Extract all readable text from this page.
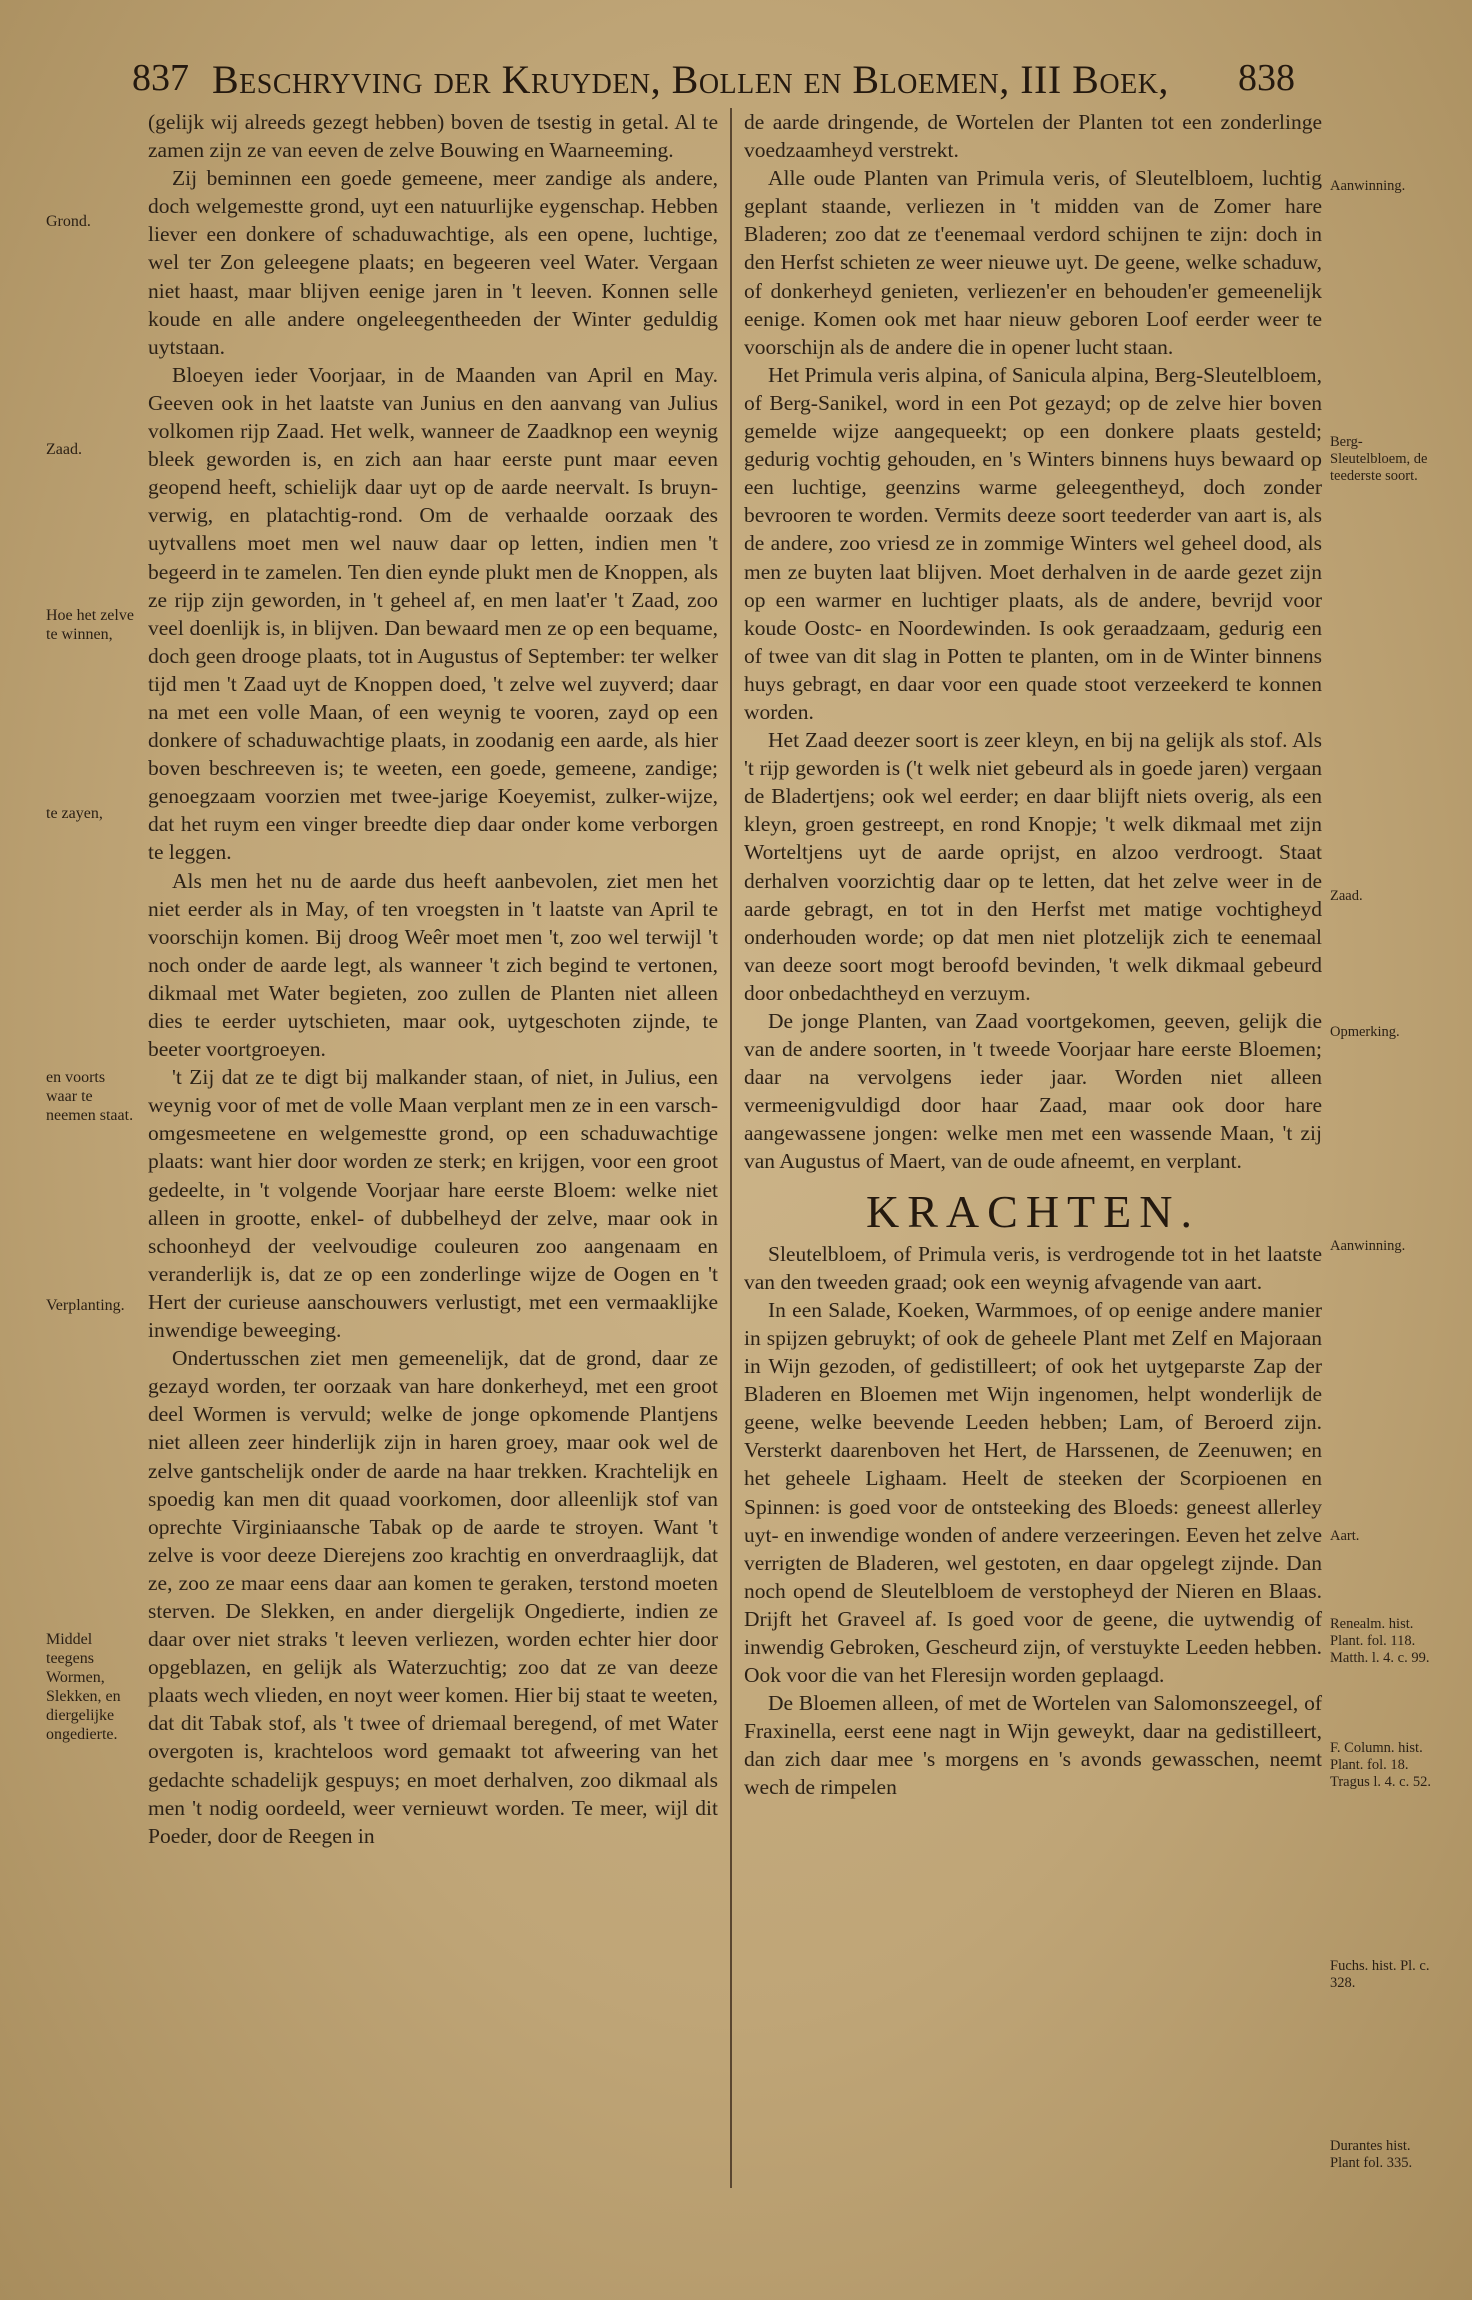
837 Beschryving der Kruyden, Bollen en Bloemen, III Boek, 838
Grond.
Zaad.
Hoe het zelve te winnen,
te zayen,
en voorts waar te neemen staat.
Verplanting.
Middel teegens Wormen, Slekken, en diergelijke ongedierte.
Aanwinning.
Berg-Sleutelbloem, de teederste soort.
Zaad.
Opmerking.
Aanwinning.
Aart.
Renealm. hist. Plant. fol. 118. Matth. l. 4. c. 99.
F. Column. hist. Plant. fol. 18. Tragus l. 4. c. 52.
Fuchs. hist. Pl. c. 328.
Durantes hist. Plant fol. 335.

(gelijk wij alreeds gezegt hebben) boven de tsestig in getal. Al te zamen zijn ze van eeven de zelve Bouwing en Waarneeming.

Zij beminnen een goede gemeene, meer zandige als andere, doch welgemestte grond, uyt een natuurlijke eygenschap. Hebben liever een donkere of schaduwachtige, als een opene, luchtige, wel ter Zon geleegene plaats; en begeeren veel Water. Vergaan niet haast, maar blijven eenige jaren in 't leeven. Konnen selle koude en alle andere ongeleegentheeden der Winter geduldig uytstaan.

Bloeyen ieder Voorjaar, in de Maanden van April en May. Geeven ook in het laatste van Junius en den aanvang van Julius volkomen rijp Zaad. Het welk, wanneer de Zaadknop een weynig bleek geworden is, en zich aan haar eerste punt maar eeven geopend heeft, schielijk daar uyt op de aarde neervalt. Is bruyn-verwig, en platachtig-rond. Om de verhaalde oorzaak des uytvallens moet men wel nauw daar op letten, indien men 't begeerd in te zamelen. Ten dien eynde plukt men de Knoppen, als ze rijp zijn geworden, in 't geheel af, en men laat'er 't Zaad, zoo veel doenlijk is, in blijven. Dan bewaard men ze op een bequame, doch geen drooge plaats, tot in Augustus of September: ter welker tijd men 't Zaad uyt de Knoppen doed, 't zelve wel zuyverd; daar na met een volle Maan, of een weynig te vooren, zayd op een donkere of schaduwachtige plaats, in zoodanig een aarde, als hier boven beschreeven is; te weeten, een goede, gemeene, zandige; genoegzaam voorzien met twee-jarige Koeyemist, zulker-wijze, dat het ruym een vinger breedte diep daar onder kome verborgen te leggen.

Als men het nu de aarde dus heeft aanbevolen, ziet men het niet eerder als in May, of ten vroegsten in 't laatste van April te voorschijn komen. Bij droog Weêr moet men 't, zoo wel terwijl 't noch onder de aarde legt, als wanneer 't zich begind te vertonen, dikmaal met Water begieten, zoo zullen de Planten niet alleen dies te eerder uytschieten, maar ook, uytgeschoten zijnde, te beeter voortgroeyen.

't Zij dat ze te digt bij malkander staan, of niet, in Julius, een weynig voor of met de volle Maan verplant men ze in een varsch-omgesmeetene en welgemestte grond, op een schaduwachtige plaats: want hier door worden ze sterk; en krijgen, voor een groot gedeelte, in 't volgende Voorjaar hare eerste Bloem: welke niet alleen in grootte, enkel- of dubbelheyd der zelve, maar ook in schoonheyd der veelvoudige couleuren zoo aangenaam en veranderlijk is, dat ze op een zonderlinge wijze de Oogen en 't Hert der curieuse aanschouwers verlustigt, met een vermaaklijke inwendige beweeging.

Ondertusschen ziet men gemeenelijk, dat de grond, daar ze gezayd worden, ter oorzaak van hare donkerheyd, met een groot deel Wormen is vervuld; welke de jonge opkomende Plantjens niet alleen zeer hinderlijk zijn in haren groey, maar ook wel de zelve gantschelijk onder de aarde na haar trekken. Krachtelijk en spoedig kan men dit quaad voorkomen, door alleenlijk stof van oprechte Virginiaansche Tabak op de aarde te stroyen. Want 't zelve is voor deeze Dierejens zoo krachtig en onverdraaglijk, dat ze, zoo ze maar eens daar aan komen te geraken, terstond moeten sterven. De Slekken, en ander diergelijk Ongedierte, indien ze daar over niet straks 't leeven verliezen, worden echter hier door opgeblazen, en gelijk als Waterzuchtig; zoo dat ze van deeze plaats wech vlieden, en noyt weer komen. Hier bij staat te weeten, dat dit Tabak stof, als 't twee of driemaal beregend, of met Water overgoten is, krachteloos word gemaakt tot afweering van het gedachte schadelijk gespuys; en moet derhalven, zoo dikmaal als men 't nodig oordeeld, weer vernieuwt worden. Te meer, wijl dit Poeder, door de Reegen in

de aarde dringende, de Wortelen der Planten tot een zonderlinge voedzaamheyd verstrekt.

Alle oude Planten van Primula veris, of Sleutelbloem, luchtig geplant staande, verliezen in 't midden van de Zomer hare Bladeren; zoo dat ze t'eenemaal verdord schijnen te zijn: doch in den Herfst schieten ze weer nieuwe uyt. De geene, welke schaduw, of donkerheyd genieten, verliezen'er en behouden'er gemeenelijk eenige. Komen ook met haar nieuw geboren Loof eerder weer te voorschijn als de andere die in opener lucht staan.

Het Primula veris alpina, of Sanicula alpina, Berg-Sleutelbloem, of Berg-Sanikel, word in een Pot gezayd; op de zelve hier boven gemelde wijze aangequeekt; op een donkere plaats gesteld; gedurig vochtig gehouden, en 's Winters binnens huys bewaard op een luchtige, geenzins warme geleegentheyd, doch zonder bevrooren te worden. Vermits deeze soort teederder van aart is, als de andere, zoo vriesd ze in zommige Winters wel geheel dood, als men ze buyten laat blijven. Moet derhalven in de aarde gezet zijn op een warmer en luchtiger plaats, als de andere, bevrijd voor koude Oostc- en Noordewinden. Is ook geraadzaam, gedurig een of twee van dit slag in Potten te planten, om in de Winter binnens huys gebragt, en daar voor een quade stoot verzeekerd te konnen worden.

Het Zaad deezer soort is zeer kleyn, en bij na gelijk als stof. Als 't rijp geworden is ('t welk niet gebeurd als in goede jaren) vergaan de Bladertjens; ook wel eerder; en daar blijft niets overig, als een kleyn, groen gestreept, en rond Knopje; 't welk dikmaal met zijn Worteltjens uyt de aarde oprijst, en alzoo verdroogt. Staat derhalven voorzichtig daar op te letten, dat het zelve weer in de aarde gebragt, en tot in den Herfst met matige vochtigheyd onderhouden worde; op dat men niet plotzelijk zich te eenemaal van deeze soort mogt beroofd bevinden, 't welk dikmaal gebeurd door onbedachtheyd en verzuym.

De jonge Planten, van Zaad voortgekomen, geeven, gelijk die van de andere soorten, in 't tweede Voorjaar hare eerste Bloemen; daar na vervolgens ieder jaar. Worden niet alleen vermeenigvuldigd door haar Zaad, maar ook door hare aangewassene jongen: welke men met een wassende Maan, 't zij van Augustus of Maert, van de oude afneemt, en verplant.

KRACHTEN.

Sleutelbloem, of Primula veris, is verdrogende tot in het laatste van den tweeden graad; ook een weynig afvagende van aart.

In een Salade, Koeken, Warmmoes, of op eenige andere manier in spijzen gebruykt; of ook de geheele Plant met Zelf en Majoraan in Wijn gezoden, of gedistilleert; of ook het uytgeparste Zap der Bladeren en Bloemen met Wijn ingenomen, helpt wonderlijk de geene, welke beevende Leeden hebben; Lam, of Beroerd zijn. Versterkt daarenboven het Hert, de Harssenen, de Zeenuwen; en het geheele Lighaam. Heelt de steeken der Scorpioenen en Spinnen: is goed voor de ontsteeking des Bloeds: geneest allerley uyt- en inwendige wonden of andere verzeeringen. Eeven het zelve verrigten de Bladeren, wel gestoten, en daar opgelegt zijnde. Dan noch opend de Sleutelbloem de verstopheyd der Nieren en Blaas. Drijft het Graveel af. Is goed voor de geene, die uytwendig of inwendig Gebroken, Gescheurd zijn, of verstuykte Leeden hebben. Ook voor die van het Fleresijn worden geplaagd.

De Bloemen alleen, of met de Wortelen van Salomonszeegel, of Fraxinella, eerst eene nagt in Wijn geweykt, daar na gedistilleert, dan zich daar mee 's morgens en 's avonds gewasschen, neemt wech de rimpelen
